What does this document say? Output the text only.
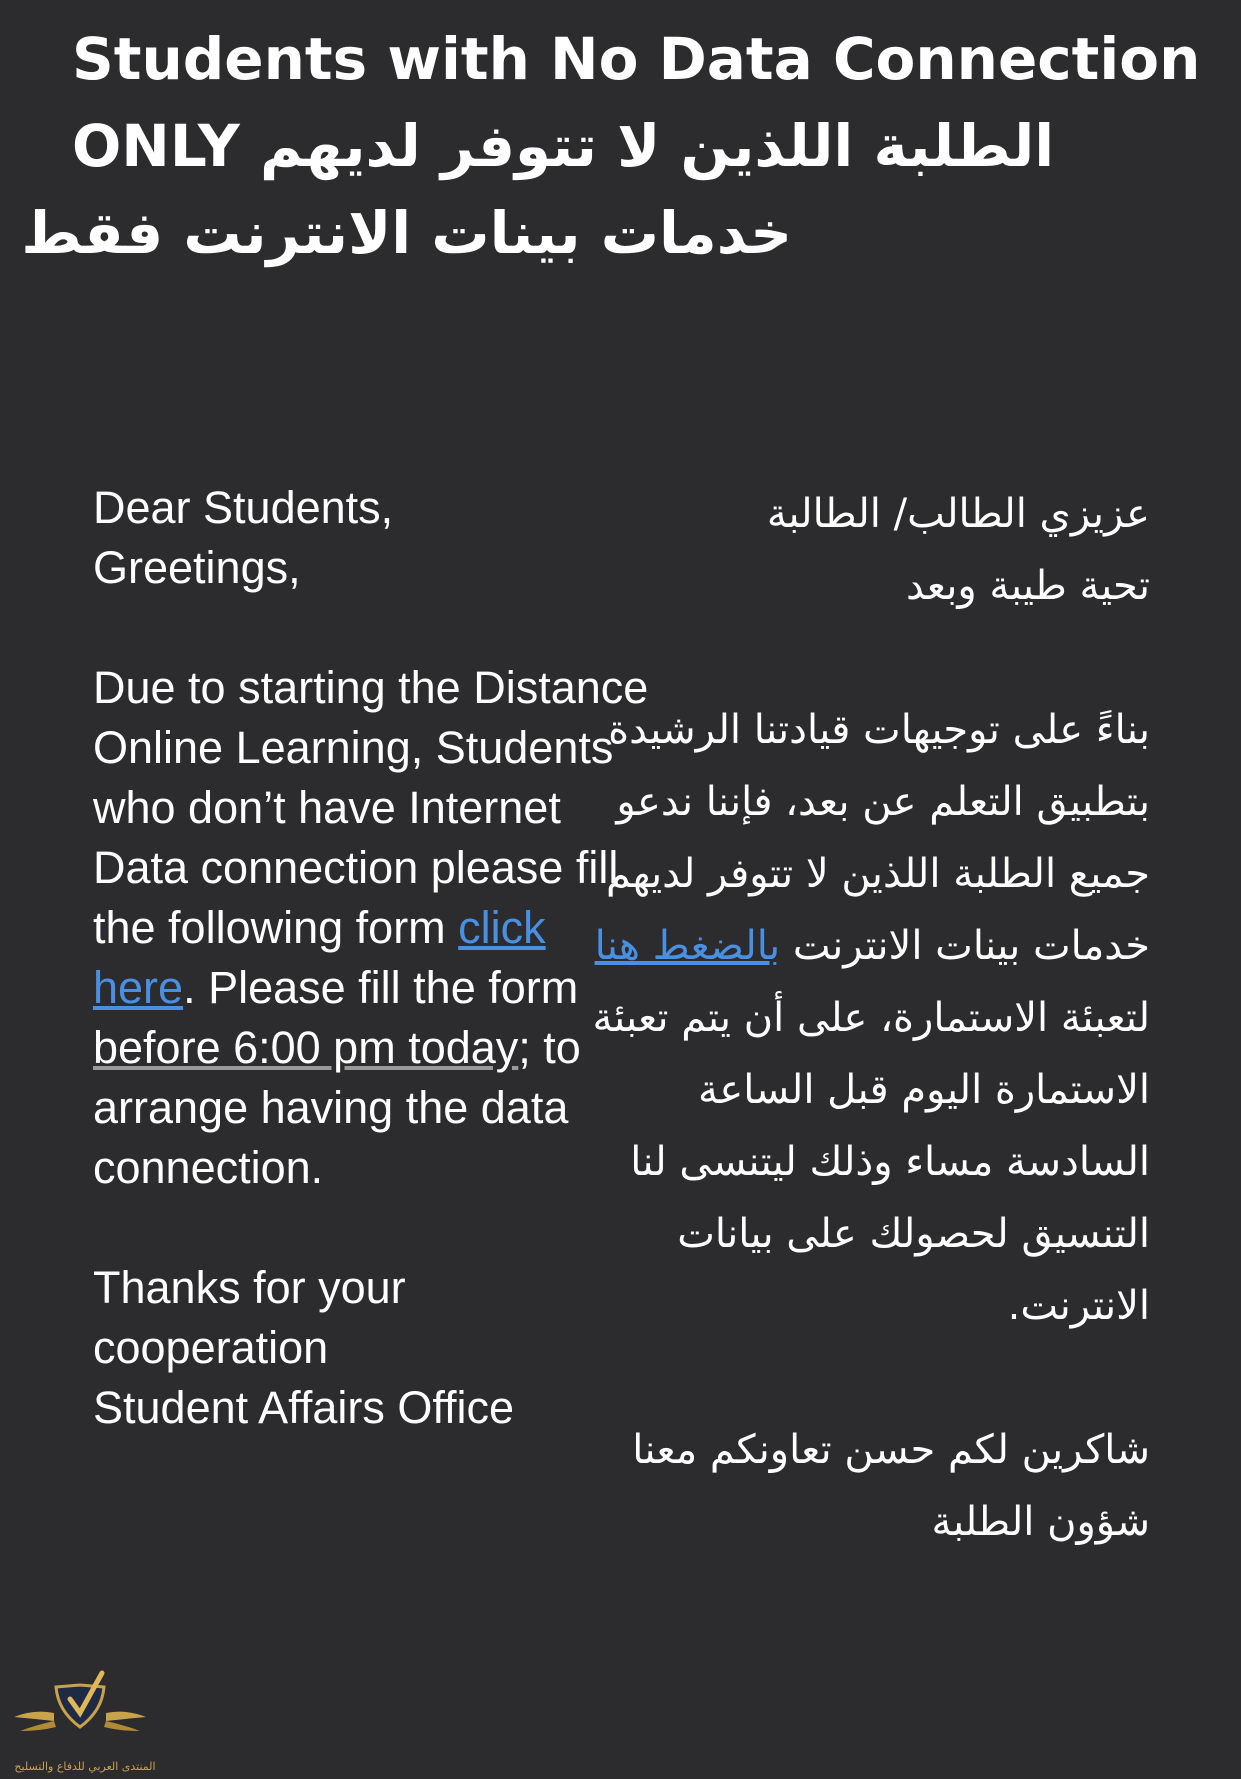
Students with No Data Connection
الطلبة اللذين لا تتوفر لديهم ONLY
خدمات بينات الانترنت فقط

Dear Students,

Greetings,

Due to starting the Distance Online Learning, Students who don’t have Internet Data connection please fill the following form click here. Please fill the form before 6:00 pm today; to arrange having the data connection.

Thanks for your cooperation

Student Affairs Office

عزيزي الطالب/ الطالبة

تحية طيبة وبعد

بناءً على توجيهات قيادتنا الرشيدة بتطبيق التعلم عن بعد، فإننا ندعو جميع الطلبة اللذين لا تتوفر لديهم خدمات بينات الانترنت بالضغط هنا لتعبئة الاستمارة، على أن يتم تعبئة الاستمارة اليوم قبل الساعة السادسة مساء وذلك ليتنسى لنا التنسيق لحصولك على بيانات الانترنت.

شاكرين لكم حسن تعاونكم معنا

شؤون الطلبة

المنتدى العربي للدفاع والتسليح
